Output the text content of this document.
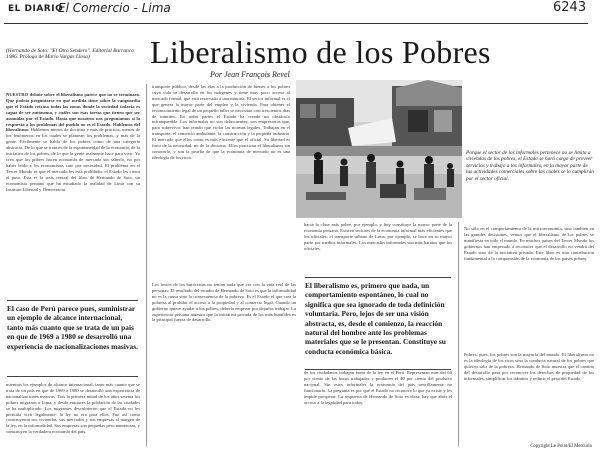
EL DIARIO
El Comercio - Lima	6243
Liberalismo de los Pobres
Por Jean François Revel
(Hernando de Soto: "El Otro Sendero". Editorial Barranco 1986. Prólogo de Mario Vargas Llosa)
NUESTRO debate sobre el liberalismo parece que no se terminará. Que podría preguntarse en qué medida tiene sobre la vanguardia que el Estado retrasa todas las zonas donde la sociedad todavía es capaz de ser autónoma, y cuáles son esas tareas que tienen que ser asumidas por el Estado. Hasta que nosotros nos preguntamos si la respuesta a los problemas del pueblo no es el Estado. Hablemos del liberalismo. Hablemos menos de doctrina y más de práctica, menos de los fenómenos en los cuales se plantean los problemas, y más de la gente. Fácilmente se habla de los pobres como de una categoría abstracta. De lo que se trata es de la espontaneidad de la economía, de la iniciativa de los pobres, de lo que la gente realmente hace para vivir. Yo creo que los pobres hacen economía de mercado sin saberlo, no por haber leído a los economistas sino por necesidad. El problema en el Tercer Mundo es que el mercado les está prohibido: el Estado les cierra el paso. Esta es la tesis central del libro de Hernando de Soto, un economista peruano que ha estudiado la realidad de Lima con su Instituto Libertad y Democracia.
El caso de Perú parece pues, suministrar un ejemplo de alcance internacional, tanto más cuanto que se trata de un país en que de 1969 a 1980 se desarrolló una experiencia de nacionalizaciones masivas.
mientras los ejemplos de alcance internacional, tanto más cuanto que se trata de un país en que de 1969 a 1980 se desarrolló una experiencia de nacionalizaciones masivas. Tras la primera mitad de los años setenta los pobres migraron a Lima, y desde entonces la población de las ciudades se ha multiplicado. Los migrantes descubrieron que el Estado no les permitía vivir legalmente: la ley no era para ellos. Fue así como construyeron sus viviendas, sus mercados y sus empresas al margen de la ley, en la informalidad. Sus empresas son pequeñas pero numerosas, y constituyen la verdadera economía del país.
transporte público, desde las vías a la producción de bienes a los pobres cuya vida se desarrolla en los márgenes y tiene muy poco acceso al mercado formal, que está reservado a una minoría. El sector informal es el que genera la mayor parte del empleo y la vivienda. Para obtener el reconocimiento legal de un pequeño taller se necesitan casi trescientos días de trámites. En todas partes el Estado ha creado un obstáculo infranqueable. Los informales no son delincuentes; son empresarios que, para sobrevivir, han tenido que violar las normas legales. Trabajan en el transporte, el comercio ambulante, la construcción y la pequeña industria. El mercado que ellos crean es más eficiente que el oficial. Su libertad es fruto de la necesidad, no de la doctrina. Ellos practican el liberalismo sin conocerlo, y son la prueba de que la economía de mercado no es una ideología de los ricos.
Los textos de los burócratas no tenían nada que ver con la vida real de las personas. El resultado del estudio de Hernando de Soto es que la informalidad no es la causa sino la consecuencia de la pobreza. Es el Estado el que crea la pobreza al prohibir el acceso a la propiedad y al comercio legal. Cuando un gobierno quiere ayudar a los pobres, debería empezar por dejarlos trabajar. La experiencia peruana muestra que la iniciativa privada de los más humildes es la principal fuerza de desarrollo.
Porque el sector de los informales pertenece no se limita a viviendas de los pobres, el Estado se hará cargo de proveer servicios y trabajo a los informales, en la mayor parte de las actividades comerciales sobre las cuales se lo cumplirán por el sector oficial.
hacia la clase más pobre, por ejemplo, y hoy constituye la mayor parte de la economía peruana. Existen sectores de la economía informal más eficientes que los oficiales: el transporte urbano de Lima, por ejemplo, se hace en su mayor parte por medios informales. Los mercados informales son más baratos que los oficiales.
El liberalismo es, primero que nada, un comportamiento espontáneo, lo cual no significa que sea ignorado de toda definición voluntaria. Pero, lejos de ser una visión abstracta, es, desde el comienzo, la reacción natural del hombre ante los problemas materiales que se le presentan. Constituye su conducta económica básica.
de los ciudadanos trabajan fuera de la ley en el Perú. Representan más del 60 por ciento de las horas trabajadas y producen el 40 por ciento del producto nacional. Sin estos informales la economía del país sencillamente no funcionaría. La pregunta es por qué el Estado no reconoce lo que ya existe y les impide prosperar. La respuesta de Hernando de Soto es clara: hay que abrir el acceso a la legalidad para todos.
No sólo en el comportamiento de la microeconomía, sino también en las grandes decisiones, vemos que el liberalismo de los pobres se manifiesta en todo el mundo. En muchos países del Tercer Mundo los gobiernos han empezado a reconocer que el desarrollo no vendrá del Estado sino de la iniciativa privada. Este libro es una contribución fundamental a la comprensión de la economía de los países pobres.
Pobres, pues, los pobres son la mayoría del mundo. El liberalismo no es la ideología de los ricos sino la conducta natural de los pobres que quieren salir de la pobreza. Hernando de Soto muestra que el camino del desarrollo pasa por reconocer los derechos de propiedad de los informales, simplificar los trámites y reducir el peso del Estado.
Copyright Le Point/El Mercurio
